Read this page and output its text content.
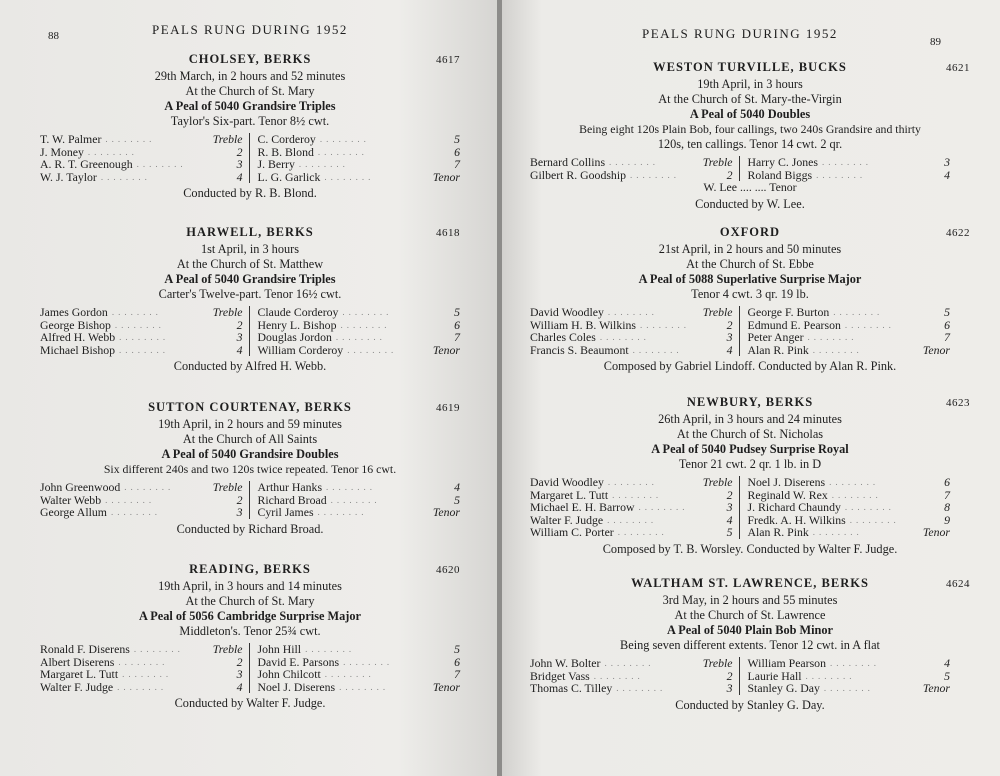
88	PEALS RUNG DURING 1952
CHOLSEY, BERKS	4617
29th March, in 2 hours and 52 minutes
At the Church of St. Mary
A Peal of 5040 Grandsire Triples
Taylor's Six-part. Tenor 8½ cwt.
T. W. Palmer ........	Treble
J. Money ........	2
A. R. T. Greenough ........	3
W. J. Taylor ........	4
C. Corderoy ........	5
R. B. Blond ........	6
J. Berry ........	7
L. G. Garlick ........	Tenor
Conducted by R. B. Blond.
HARWELL, BERKS	4618
1st April, in 3 hours
At the Church of St. Matthew
A Peal of 5040 Grandsire Triples
Carter's Twelve-part. Tenor 16½ cwt.
James Gordon ........	Treble
George Bishop ........	2
Alfred H. Webb ........	3
Michael Bishop ........	4
Claude Corderoy ........	5
Henry L. Bishop ........	6
Douglas Jordon ........	7
William Corderoy ........	Tenor
Conducted by Alfred H. Webb.
SUTTON COURTENAY, BERKS	4619
19th April, in 2 hours and 59 minutes
At the Church of All Saints
A Peal of 5040 Grandsire Doubles
Six different 240s and two 120s twice repeated. Tenor 16 cwt.
John Greenwood ........	Treble
Walter Webb ........	2
George Allum ........	3
Arthur Hanks ........	4
Richard Broad ........	5
Cyril James ........	Tenor
Conducted by Richard Broad.
READING, BERKS	4620
19th April, in 3 hours and 14 minutes
At the Church of St. Mary
A Peal of 5056 Cambridge Surprise Major
Middleton's. Tenor 25¾ cwt.
Ronald F. Diserens ........	Treble
Albert Diserens ........	2
Margaret L. Tutt ........	3
Walter F. Judge ........	4
John Hill ........	5
David E. Parsons ........	6
John Chilcott ........	7
Noel J. Diserens ........	Tenor
Conducted by Walter F. Judge.
PEALS RUNG DURING 1952
89
WESTON TURVILLE, BUCKS	4621
19th April, in 3 hours
At the Church of St. Mary-the-Virgin
A Peal of 5040 Doubles
Being eight 120s Plain Bob, four callings, two 240s Grandsire and thirty
120s, ten callings. Tenor 14 cwt. 2 qr.
Bernard Collins ........	Treble
Gilbert R. Goodship ........	2
Harry C. Jones ........	3
Roland Biggs ........	4
W. Lee .... .... Tenor
Conducted by W. Lee.
OXFORD	4622
21st April, in 2 hours and 50 minutes
At the Church of St. Ebbe
A Peal of 5088 Superlative Surprise Major
Tenor 4 cwt. 3 qr. 19 lb.
David Woodley ........	Treble
William H. B. Wilkins ........	2
Charles Coles ........	3
Francis S. Beaumont ........	4
George F. Burton ........	5
Edmund E. Pearson ........	6
Peter Anger ........	7
Alan R. Pink ........	Tenor
Composed by Gabriel Lindoff. Conducted by Alan R. Pink.
NEWBURY, BERKS	4623
26th April, in 3 hours and 24 minutes
At the Church of St. Nicholas
A Peal of 5040 Pudsey Surprise Royal
Tenor 21 cwt. 2 qr. 1 lb. in D
David Woodley ........	Treble
Margaret L. Tutt ........	2
Michael E. H. Barrow ........	3
Walter F. Judge ........	4
William C. Porter ........	5
Noel J. Diserens ........	6
Reginald W. Rex ........	7
J. Richard Chaundy ........	8
Fredk. A. H. Wilkins ........	9
Alan R. Pink ........	Tenor
Composed by T. B. Worsley. Conducted by Walter F. Judge.
WALTHAM ST. LAWRENCE, BERKS	4624
3rd May, in 2 hours and 55 minutes
At the Church of St. Lawrence
A Peal of 5040 Plain Bob Minor
Being seven different extents. Tenor 12 cwt. in A flat
John W. Bolter ........	Treble
Bridget Vass ........	2
Thomas C. Tilley ........	3
William Pearson ........	4
Laurie Hall ........	5
Stanley G. Day ........	Tenor
Conducted by Stanley G. Day.
